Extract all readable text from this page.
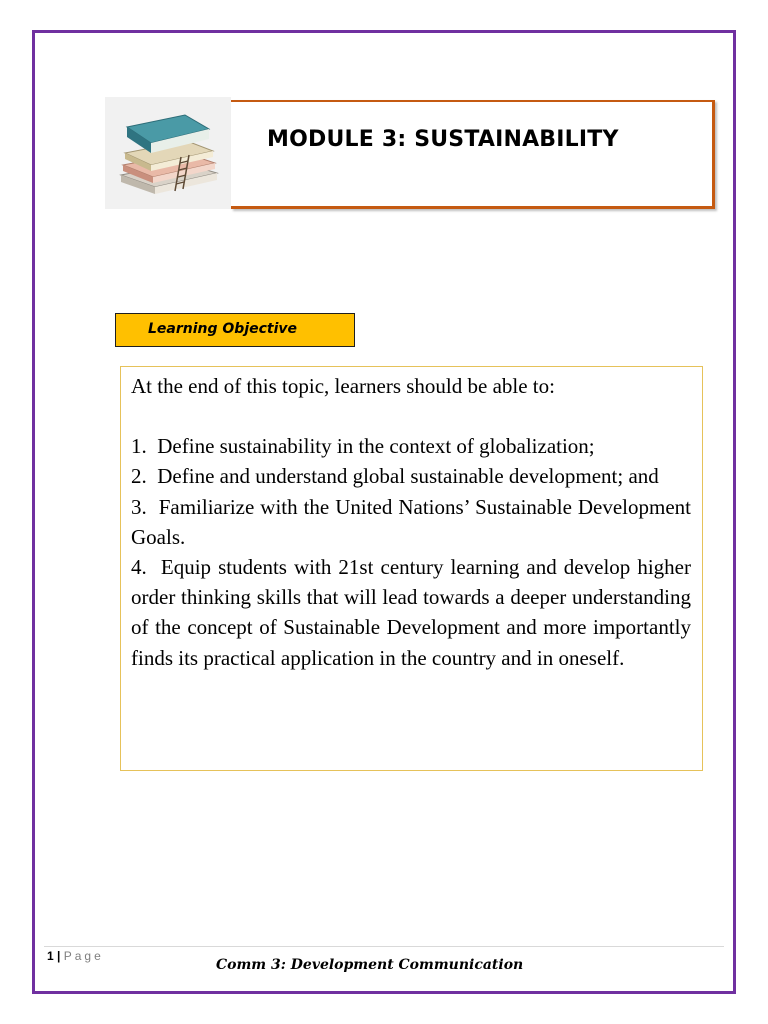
MODULE 3: SUSTAINABILITY
Learning Objective

At the end of this topic, learners should be able to:

1.  Define sustainability in the context of globalization;

2.  Define and understand global sustainable development; and

3.  Familiarize with the United Nations’ Sustainable Development Goals.

4.  Equip students with 21st century learning and develop higher order thinking skills that will lead towards a deeper understanding of the concept of Sustainable Development and more importantly finds its practical application in the country and in oneself.

1 | Page
Comm 3: Development Communication
